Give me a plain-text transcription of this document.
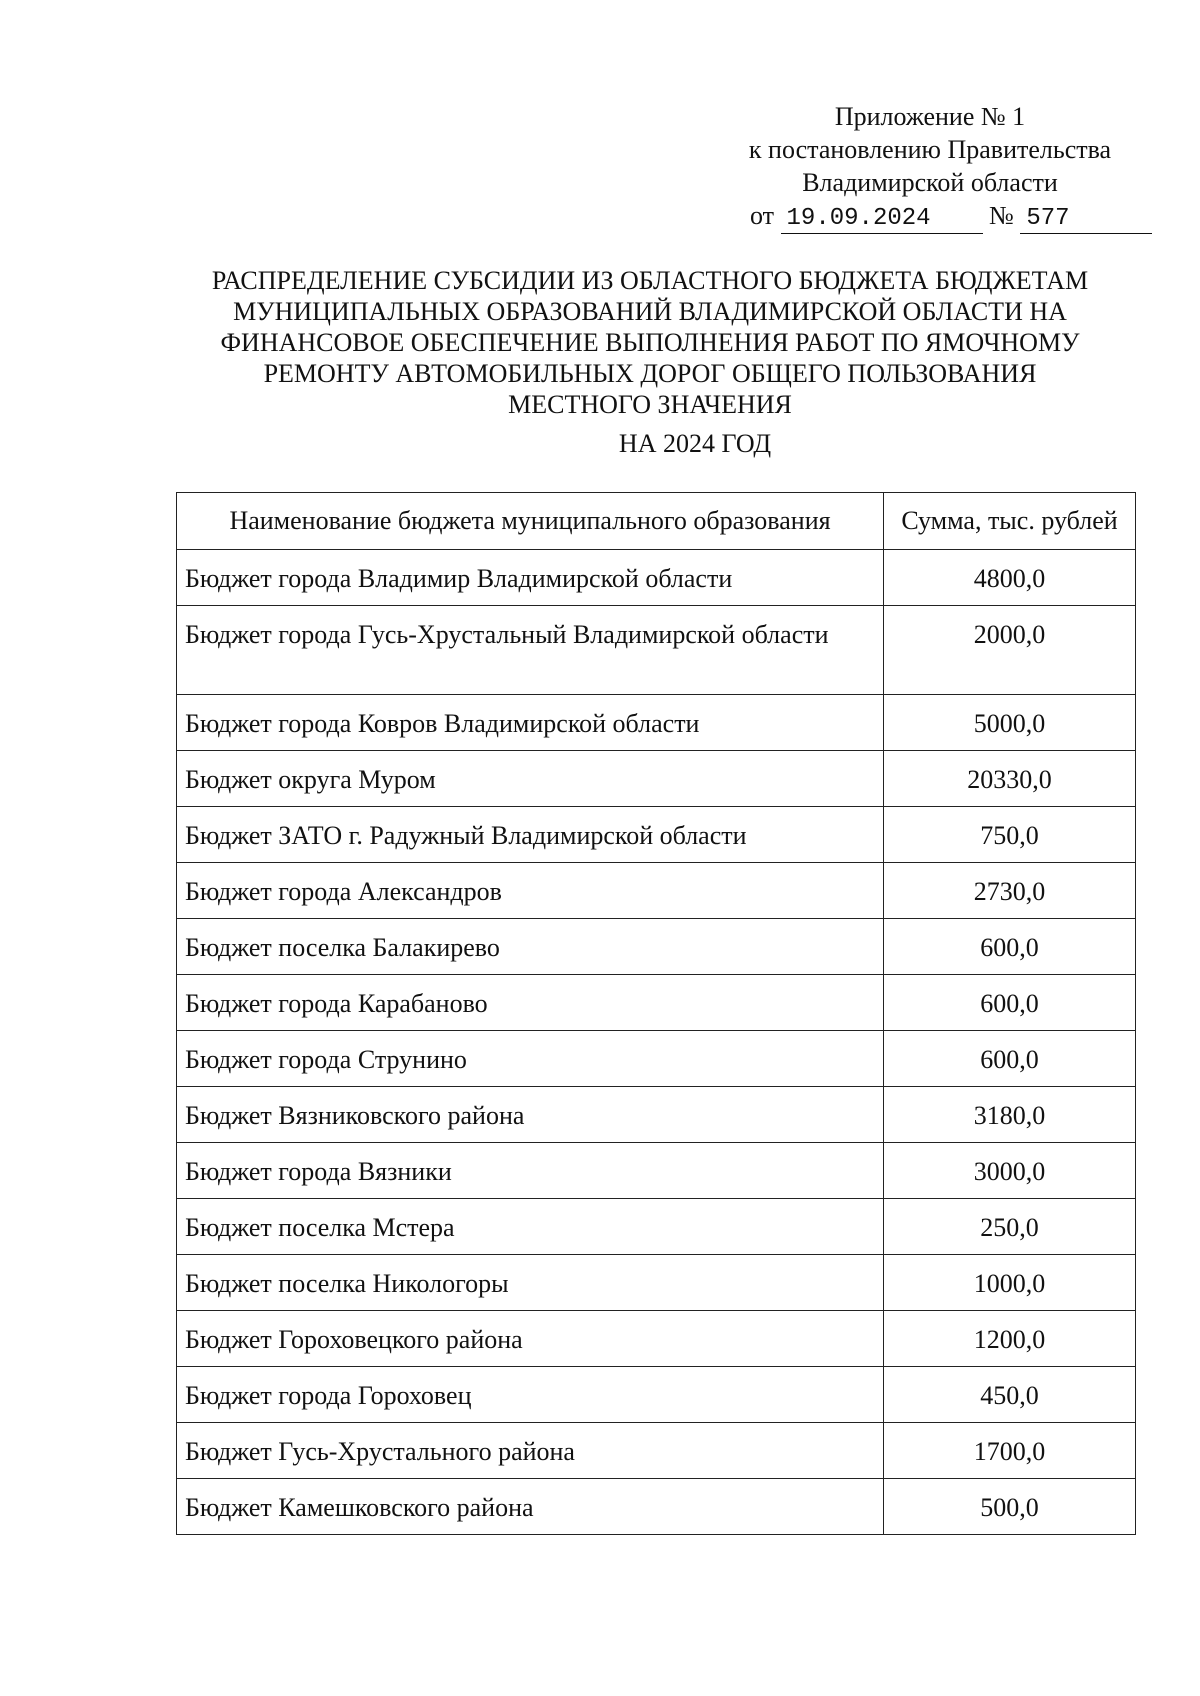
Приложение № 1
к постановлению Правительства
Владимирской области
от 19.09.2024 № 577
РАСПРЕДЕЛЕНИЕ СУБСИДИИ ИЗ ОБЛАСТНОГО БЮДЖЕТА БЮДЖЕТАМ
МУНИЦИПАЛЬНЫХ ОБРАЗОВАНИЙ ВЛАДИМИРСКОЙ ОБЛАСТИ НА
ФИНАНСОВОЕ ОБЕСПЕЧЕНИЕ ВЫПОЛНЕНИЯ РАБОТ ПО ЯМОЧНОМУ
РЕМОНТУ АВТОМОБИЛЬНЫХ ДОРОГ ОБЩЕГО ПОЛЬЗОВАНИЯ
МЕСТНОГО ЗНАЧЕНИЯ
НА 2024 ГОД
Наименование бюджета муниципального образования	Сумма, тыс. рублей
Бюджет города Владимир Владимирской области	4800,0
Бюджет города Гусь-Хрустальный Владимирской области	2000,0
Бюджет города Ковров Владимирской области	5000,0
Бюджет округа Муром	20330,0
Бюджет ЗАТО г. Радужный Владимирской области	750,0
Бюджет города Александров	2730,0
Бюджет поселка Балакирево	600,0
Бюджет города Карабаново	600,0
Бюджет города Струнино	600,0
Бюджет Вязниковского района	3180,0
Бюджет города Вязники	3000,0
Бюджет поселка Мстера	250,0
Бюджет поселка Никологоры	1000,0
Бюджет Гороховецкого района	1200,0
Бюджет города Гороховец	450,0
Бюджет Гусь-Хрустального района	1700,0
Бюджет Камешковского района	500,0
